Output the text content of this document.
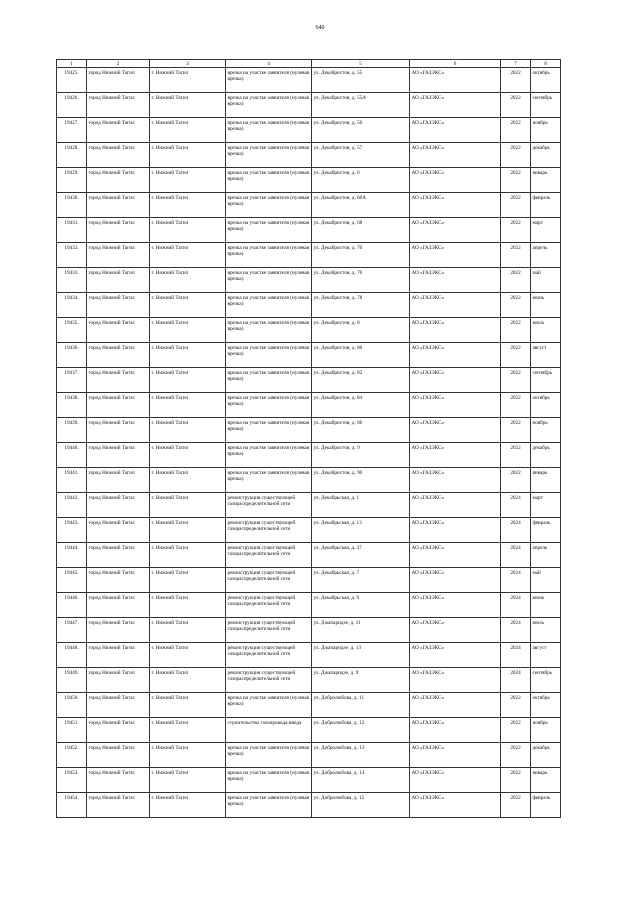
640
1	2	3	4	5	6	7	8
19425.	город Нижний Тагил	г. Нижний Тагил	врезка на участке заявителя (нулевая врезка)	ул. Декабристов, д. 55	АО «ГАЗЭКС»	2022	октябрь
19426.	город Нижний Тагил	г. Нижний Тагил	врезка на участке заявителя (нулевая врезка)	ул. Декабристов, д. 55А	АО «ГАЗЭКС»	2022	сентябрь
19427.	город Нижний Тагил	г. Нижний Тагил	врезка на участке заявителя (нулевая врезка)	ул. Декабристов, д. 56	АО «ГАЗЭКС»	2022	ноябрь
19428.	город Нижний Тагил	г. Нижний Тагил	врезка на участке заявителя (нулевая врезка)	ул. Декабристов, д. 57	АО «ГАЗЭКС»	2022	декабрь
19429.	город Нижний Тагил	г. Нижний Тагил	врезка на участке заявителя (нулевая врезка)	ул. Декабристов, д. 6	АО «ГАЗЭКС»	2022	январь
19430.	город Нижний Тагил	г. Нижний Тагил	врезка на участке заявителя (нулевая врезка)	ул. Декабристов, д. 60А	АО «ГАЗЭКС»	2022	февраль
19431.	город Нижний Тагил	г. Нижний Тагил	врезка на участке заявителя (нулевая врезка)	ул. Декабристов, д. 68	АО «ГАЗЭКС»	2022	март
19432.	город Нижний Тагил	г. Нижний Тагил	врезка на участке заявителя (нулевая врезка)	ул. Декабристов, д. 70	АО «ГАЗЭКС»	2022	апрель
19433.	город Нижний Тагил	г. Нижний Тагил	врезка на участке заявителя (нулевая врезка)	ул. Декабристов, д. 76	АО «ГАЗЭКС»	2022	май
19434.	город Нижний Тагил	г. Нижний Тагил	врезка на участке заявителя (нулевая врезка)	ул. Декабристов, д. 78	АО «ГАЗЭКС»	2022	июнь
19435.	город Нижний Тагил	г. Нижний Тагил	врезка на участке заявителя (нулевая врезка)	ул. Декабристов, д. 8	АО «ГАЗЭКС»	2022	июль
19436.	город Нижний Тагил	г. Нижний Тагил	врезка на участке заявителя (нулевая врезка)	ул. Декабристов, д. 80	АО «ГАЗЭКС»	2022	август
19437.	город Нижний Тагил	г. Нижний Тагил	врезка на участке заявителя (нулевая врезка)	ул. Декабристов, д. 82	АО «ГАЗЭКС»	2022	сентябрь
19438.	город Нижний Тагил	г. Нижний Тагил	врезка на участке заявителя (нулевая врезка)	ул. Декабристов, д. 84	АО «ГАЗЭКС»	2022	октябрь
19439.	город Нижний Тагил	г. Нижний Тагил	врезка на участке заявителя (нулевая врезка)	ул. Декабристов, д. 86	АО «ГАЗЭКС»	2022	ноябрь
19440.	город Нижний Тагил	г. Нижний Тагил	врезка на участке заявителя (нулевая врезка)	ул. Декабристов, д. 9	АО «ГАЗЭКС»	2022	декабрь
19441.	город Нижний Тагил	г. Нижний Тагил	врезка на участке заявителя (нулевая врезка)	ул. Декабристов, д. 90	АО «ГАЗЭКС»	2022	январь
19442.	город Нижний Тагил	г. Нижний Тагил	реконструкция существующей газораспределительной сети	ул. Декабрьская, д. 1	АО «ГАЗЭКС»	2024	март
19443.	город Нижний Тагил	г. Нижний Тагил	реконструкция существующей газораспределительной сети	ул. Декабрьская, д. 13	АО «ГАЗЭКС»	2024	февраль
19444.	город Нижний Тагил	г. Нижний Тагил	реконструкция существующей газораспределительной сети	ул. Декабрьская, д. 37	АО «ГАЗЭКС»	2024	апрель
19445.	город Нижний Тагил	г. Нижний Тагил	реконструкция существующей газораспределительной сети	ул. Декабрьская, д. 7	АО «ГАЗЭКС»	2024	май
19446.	город Нижний Тагил	г. Нижний Тагил	реконструкция существующей газораспределительной сети	ул. Декабрьская, д. 9	АО «ГАЗЭКС»	2024	июнь
19447.	город Нижний Тагил	г. Нижний Тагил	реконструкция существующей газораспределительной сети	ул. Джапаридзе, д. 11	АО «ГАЗЭКС»	2024	июль
19448.	город Нижний Тагил	г. Нижний Тагил	реконструкция существующей газораспределительной сети	ул. Джапаридзе, д. 13	АО «ГАЗЭКС»	2024	август
19449.	город Нижний Тагил	г. Нижний Тагил	реконструкция существующей газораспределительной сети	ул. Джапаридзе, д. 9	АО «ГАЗЭКС»	2024	сентябрь
19450.	город Нижний Тагил	г. Нижний Тагил	врезка на участке заявителя (нулевая врезка)	ул. Добролюбова, д. 11	АО «ГАЗЭКС»	2022	октябрь
19451.	город Нижний Тагил	г. Нижний Тагил	строительство газопровода-ввода	ул. Добролюбова, д. 12	АО «ГАЗЭКС»	2022	ноябрь
19452.	город Нижний Тагил	г. Нижний Тагил	врезка на участке заявителя (нулевая врезка)	ул. Добролюбова, д. 13	АО «ГАЗЭКС»	2022	декабрь
19453.	город Нижний Тагил	г. Нижний Тагил	врезка на участке заявителя (нулевая врезка)	ул. Добролюбова, д. 14	АО «ГАЗЭКС»	2022	январь
19454.	город Нижний Тагил	г. Нижний Тагил	врезка на участке заявителя (нулевая врезка)	ул. Добролюбова, д. 15	АО «ГАЗЭКС»	2022	февраль
